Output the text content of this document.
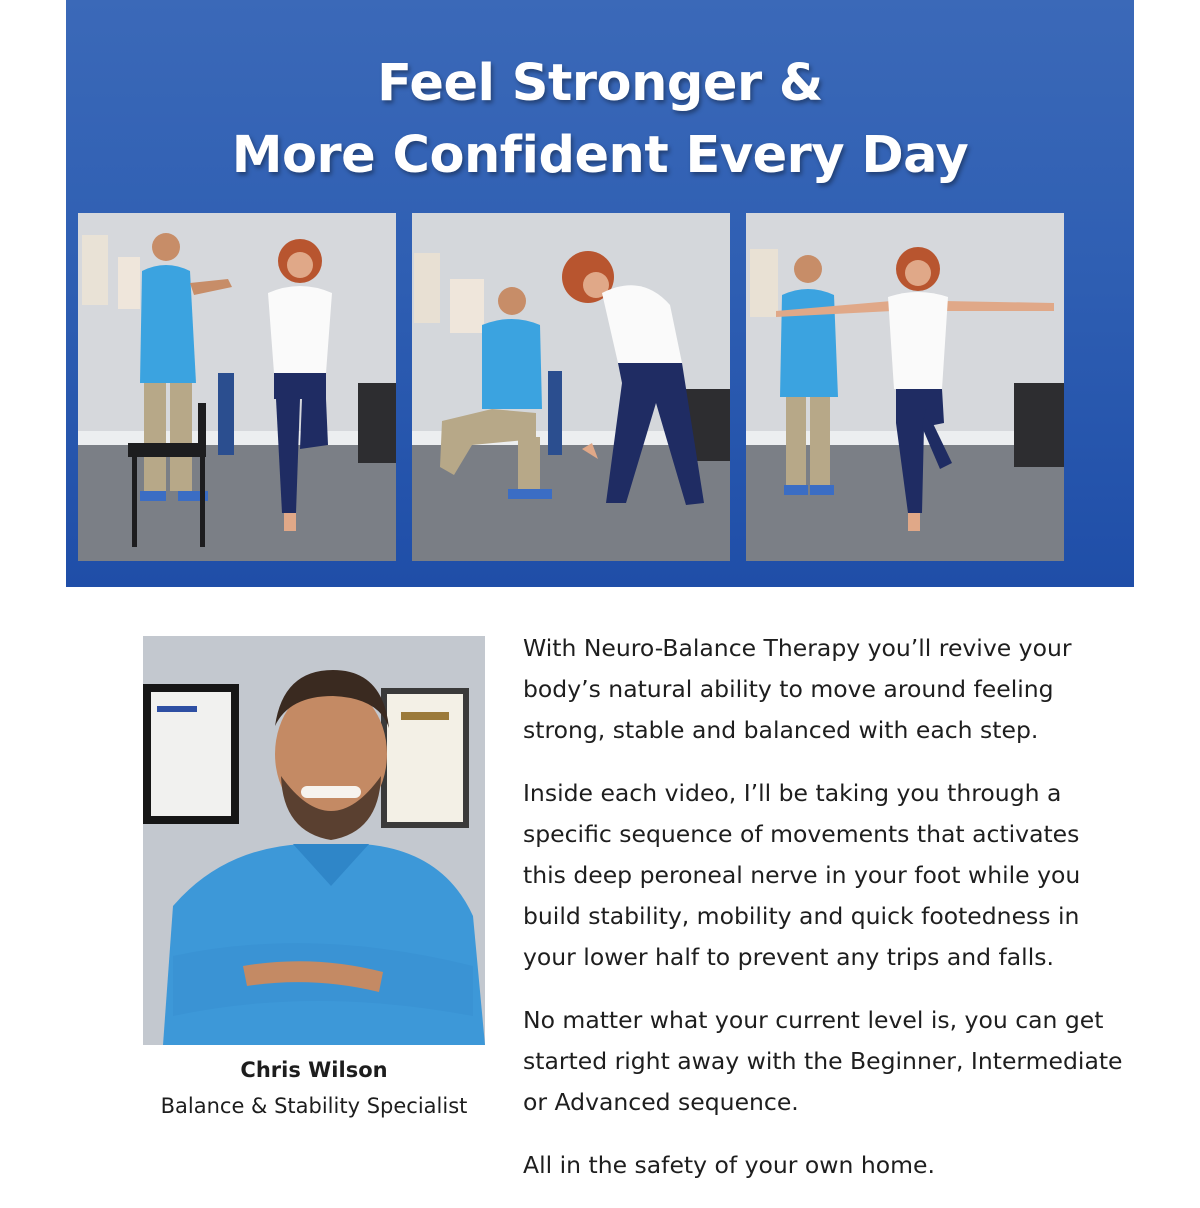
Feel Stronger &
More Confident Every Day

Chris Wilson

Balance & Stability Specialist

With Neuro-Balance Therapy you’ll revive your body’s natural ability to move around feeling strong, stable and balanced with each step.

Inside each video, I’ll be taking you through a specific sequence of movements that activates this deep peroneal nerve in your foot while you build stability, mobility and quick footedness in your lower half to prevent any trips and falls.

No matter what your current level is, you can get started right away with the Beginner, Intermediate or Advanced sequence.

All in the safety of your own home.
